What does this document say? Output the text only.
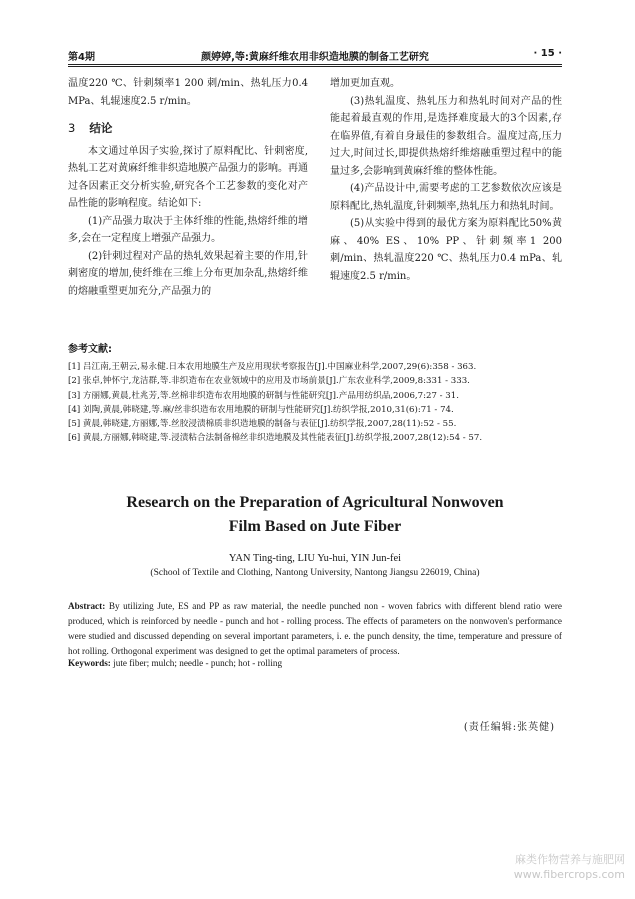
第4期	颜婷婷,等:黄麻纤维农用非织造地膜的制备工艺研究	· 15 ·

温度220 ℃、针刺频率1 200 刺/min、热轧压力0.4 MPa、轧辊速度2.5 r/min。

3 结论

本文通过单因子实验,探讨了原料配比、针刺密度,热轧工艺对黄麻纤维非织造地膜产品强力的影响。再通过各因素正交分析实验,研究各个工艺参数的变化对产品性能的影响程度。结论如下:

(1)产品强力取决于主体纤维的性能,热熔纤维的增多,会在一定程度上增强产品强力。

(2)针刺过程对产品的热轧效果起着主要的作用,针刺密度的增加,使纤维在三维上分布更加杂乱,热熔纤维的熔融重塑更加充分,产品强力的

增加更加直观。

(3)热轧温度、热轧压力和热轧时间对产品的性能起着最直观的作用,是选择难度最大的3个因素,存在临界值,有着自身最佳的参数组合。温度过高,压力过大,时间过长,即提供热熔纤维熔融重塑过程中的能量过多,会影响到黄麻纤维的整体性能。

(4)产品设计中,需要考虑的工艺参数依次应该是原料配比,热轧温度,针刺频率,热轧压力和热轧时间。

(5)从实验中得到的最优方案为原料配比50%黄麻、40% ES、10% PP、针刺频率1 200 刺/min、热轧温度220 ℃、热轧压力0.4 mPa、轧辊速度2.5 r/min。

参考文献:
[1] 吕江南,王朝云,易永健.日本农用地膜生产及应用现状考察报告[J].中国麻业科学,2007,29(6):358 - 363.
[2] 张卓,钟怀宁,龙洁群,等.非织造布在农业领域中的应用及市场前景[J].广东农业科学,2009,8:331 - 333.
[3] 方丽娜,黄晨,杜兆芳,等.丝棉非织造布农用地膜的研制与性能研究[J].产品用纺织品,2006,7:27 - 31.
[4] 刘陶,黄晨,韩晓建,等.麻/丝非织造布农用地膜的研制与性能研究[J].纺织学报,2010,31(6):71 - 74.
[5] 黄晨,韩晓建,方丽娜,等.丝胶浸渍棉质非织造地膜的制备与表征[J].纺织学报,2007,28(11):52 - 55.
[6] 黄晨,方丽娜,韩晓建,等.浸渍粘合法制备棉丝非织造地膜及其性能表征[J].纺织学报,2007,28(12):54 - 57.
Research on the Preparation of Agricultural Nonwoven
Film Based on Jute Fiber
YAN Ting-ting, LIU Yu-hui, YIN Jun-fei
(School of Textile and Clothing, Nantong University, Nantong Jiangsu 226019, China)
Abstract: By utilizing Jute, ES and PP as raw material, the needle punched non - woven fabrics with different blend ratio were produced, which is reinforced by needle - punch and hot - rolling process. The effects of parameters on the nonwoven's performance were studied and discussed depending on several important parameters, i. e. the punch density, the time, temperature and pressure of hot rolling. Orthogonal experiment was designed to get the optimal parameters of process.
Keywords: jute fiber; mulch; needle - punch; hot - rolling
(责任编辑:张英健)
麻类作物营养与施肥网
www.fibercrops.com
